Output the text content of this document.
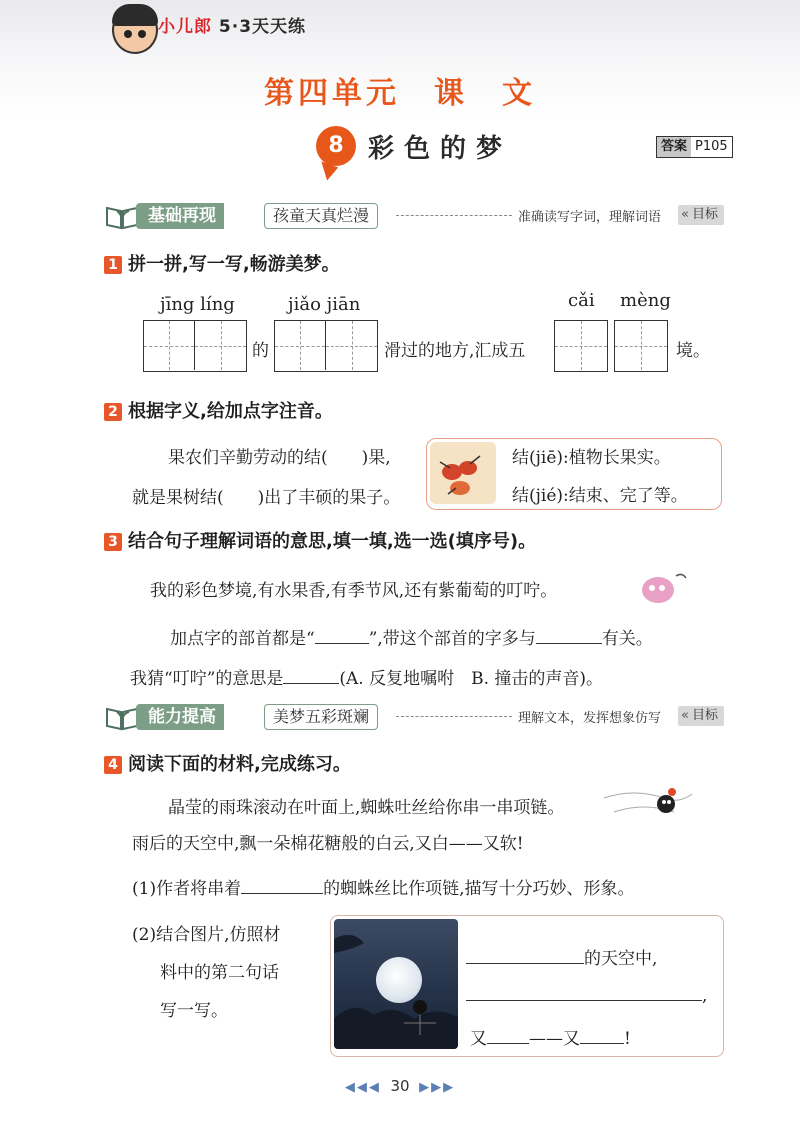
小儿郎 5·3天天练
第四单元　课　文
8 彩色的梦	答案 P105
基础再现	孩童天真烂漫	准确读写字词，理解词语	« 目标
1 拼一拼,写一写,畅游美梦。
jīng líng	jiǎo jiān	cǎi mèng
的	滑过的地方,汇成五	境。
2 根据字义,给加点字注音。
果农们辛勤劳动的结(　　)果,
就是果树结(　　)出了丰硕的果子。
结(jiē):植物长果实。
结(jié):结束、完了等。
3 结合句子理解词语的意思,填一填,选一选(填序号)。
我的彩色梦境,有水果香,有季节风,还有紫葡萄的叮咛。
加点字的部首都是“	”,带这个部首的字多与	有关。
我猜“叮咛”的意思是	(A. 反复地嘱咐　B. 撞击的声音)。
能力提高	美梦五彩斑斓	理解文本，发挥想象仿写	« 目标
4 阅读下面的材料,完成练习。
晶莹的雨珠滚动在叶面上,蜘蛛吐丝给你串一串项链。
雨后的天空中,飘一朵棉花糖般的白云,又白——又软!
(1)作者将串着	的蜘蛛丝比作项链,描写十分巧妙、形象。
(2)结合图片,仿照材
料中的第二句话
写一写。
的天空中,
,
又 ——又	!
◀◀◀ 30 ▶▶▶
